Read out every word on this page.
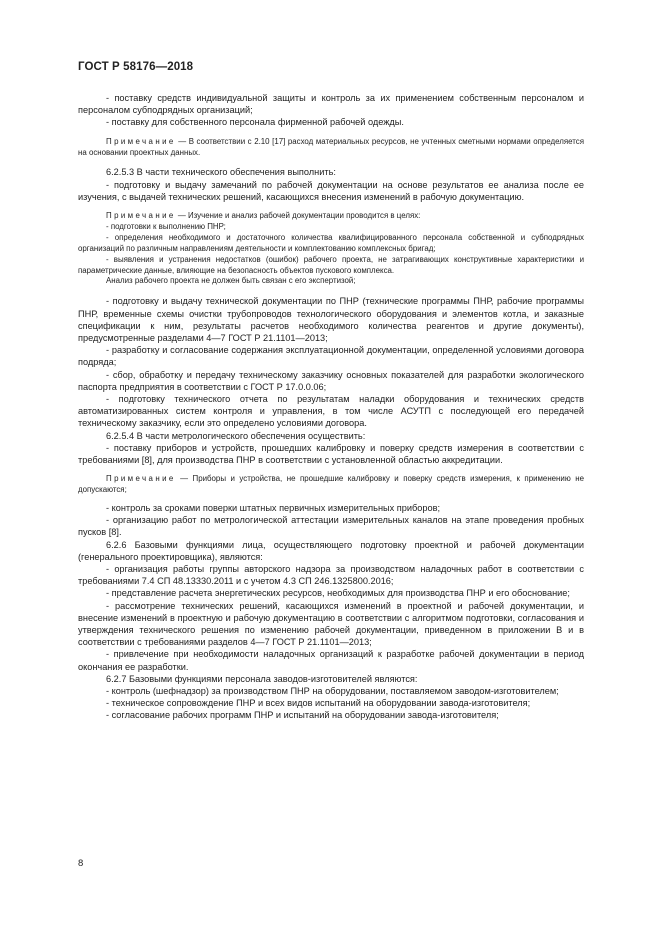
ГОСТ Р 58176—2018

- поставку средств индивидуальной защиты и контроль за их применением собственным персоналом и персоналом субподрядных организаций;

- поставку для собственного персонала фирменной рабочей одежды.

Примечание — В соответствии с 2.10 [17] расход материальных ресурсов, не учтенных сметными нормами определяется на основании проектных данных.

6.2.5.3 В части технического обеспечения выполнить:

- подготовку и выдачу замечаний по рабочей документации на основе результатов ее анализа после ее изучения, с выдачей технических решений, касающихся внесения изменений в рабочую документацию.

Примечание — Изучение и анализ рабочей документации проводится в целях:

- подготовки к выполнению ПНР;

- определения необходимого и достаточного количества квалифицированного персонала собственной и субподрядных организаций по различным направлениям деятельности и комплектованию комплексных бригад;

- выявления и устранения недостатков (ошибок) рабочего проекта, не затрагивающих конструктивные характеристики и параметрические данные, влияющие на безопасность объектов пускового комплекса.

Анализ рабочего проекта не должен быть связан с его экспертизой;

- подготовку и выдачу технической документации по ПНР (технические программы ПНР, рабочие программы ПНР, временные схемы очистки трубопроводов технологического оборудования и элементов котла, и заказные спецификации к ним, результаты расчетов необходимого количества реагентов и другие документы), предусмотренные разделами 4—7 ГОСТ Р 21.1101—2013;

- разработку и согласование содержания эксплуатационной документации, определенной условиями договора подряда;

- сбор, обработку и передачу техническому заказчику основных показателей для разработки экологического паспорта предприятия в соответствии с ГОСТ Р 17.0.0.06;

- подготовку технического отчета по результатам наладки оборудования и технических средств автоматизированных систем контроля и управления, в том числе АСУТП с последующей его передачей техническому заказчику, если это определено условиями договора.

6.2.5.4 В части метрологического обеспечения осуществить:

- поставку приборов и устройств, прошедших калибровку и поверку средств измерения в соответствии с требованиями [8], для производства ПНР в соответствии с установленной областью аккредитации.

Примечание — Приборы и устройства, не прошедшие калибровку и поверку средств измерения, к применению не допускаются;

- контроль за сроками поверки штатных первичных измерительных приборов;

- организацию работ по метрологической аттестации измерительных каналов на этапе проведения пробных пусков [8].

6.2.6 Базовыми функциями лица, осуществляющего подготовку проектной и рабочей документации (генерального проектировщика), являются:

- организация работы группы авторского надзора за производством наладочных работ в соответствии с требованиями 7.4 СП 48.13330.2011 и с учетом 4.3 СП 246.1325800.2016;

- представление расчета энергетических ресурсов, необходимых для производства ПНР и его обоснование;

- рассмотрение технических решений, касающихся изменений в проектной и рабочей документации, и внесение изменений в проектную и рабочую документацию в соответствии с алгоритмом подготовки, согласования и утверждения технического решения по изменению рабочей документации, приведенном в приложении В и в соответствии с требованиями разделов 4—7 ГОСТ Р 21.1101—2013;

- привлечение при необходимости наладочных организаций к разработке рабочей документации в период окончания ее разработки.

6.2.7 Базовыми функциями персонала заводов-изготовителей являются:

- контроль (шефнадзор) за производством ПНР на оборудовании, поставляемом заводом-изготовителем;

- техническое сопровождение ПНР и всех видов испытаний на оборудовании завода-изготовителя;

- согласование рабочих программ ПНР и испытаний на оборудовании завода-изготовителя;

8
